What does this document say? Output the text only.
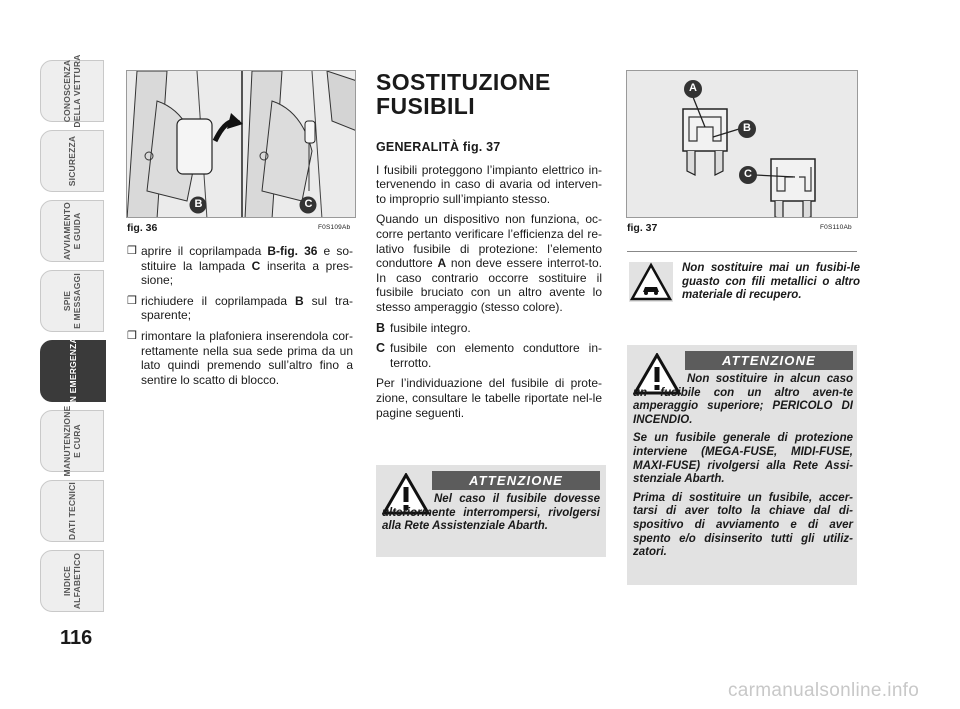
CONOSCENZA
DELLA VETTURA
SICUREZZA
AVVIAMENTO
E GUIDA
SPIE
E MESSAGGI
IN EMERGENZA
MANUTENZIONE
E CURA
DATI TECNICI
INDICE
ALFABETICO
116
B	C
fig. 36	F0S109Ab
❒ aprire il coprilampada B-fig. 36 e so-stituire la lampada C inserita a pres-sione;
❒ richiudere il coprilampada B sul tra-sparente;
❒ rimontare la plafoniera inserendola cor-rettamente nella sua sede prima da un lato quindi premendo sull’altro fino a sentire lo scatto di blocco.
SOSTITUZIONE
FUSIBILI
GENERALITÀ fig. 37

I fusibili proteggono l’impianto elettrico in-tervenendo in caso di avaria od interven-to improprio sull’impianto stesso.

Quando un dispositivo non funziona, oc-corre pertanto verificare l’efficienza del re-lativo fusibile di protezione: l’elemento conduttore A non deve essere interrot-to. In caso contrario occorre sostituire il fusibile bruciato con un altro avente lo stesso amperaggio (stesso colore).

B fusibile integro.
C fusibile con elemento conduttore in-terrotto.

Per l’individuazione del fusibile di prote-zione, consultare le tabelle riportate nel-le pagine seguenti.

ATTENZIONE

Nel caso il fusibile dovesse ulteriormente interrompersi, rivolgersi alla Rete Assistenziale Abarth.

A
B
C
fig. 37	F0S110Ab

Non sostituire mai un fusibi-le guasto con fili metallici o altro materiale di recupero.

ATTENZIONE

Non sostituire in alcun caso un fusibile con un altro aven-te amperaggio superiore; PERICOLO DI INCENDIO.

Se un fusibile generale di protezione interviene (MEGA-FUSE, MIDI-FUSE, MAXI-FUSE) rivolgersi alla Rete Assi-stenziale Abarth.

Prima di sostituire un fusibile, accer-tarsi di aver tolto la chiave dal di-spositivo di avviamento e di aver spento e/o disinserito tutti gli utiliz-zatori.

carmanualsonline.info
